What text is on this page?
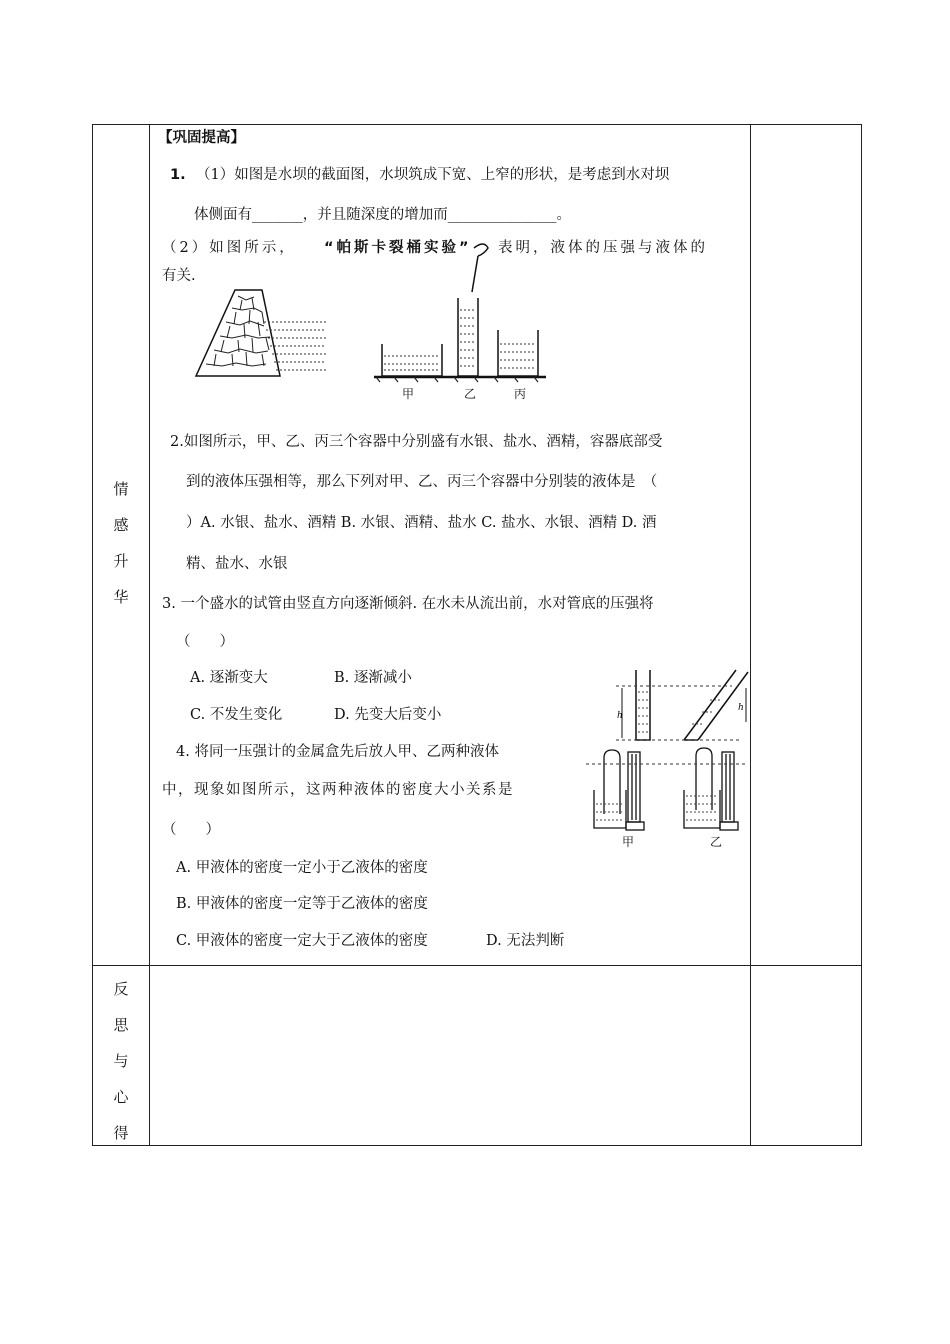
情
感
升
华
反
思
与
心
得
【巩固提高】
1. （1）如图是水坝的截面图，水坝筑成下宽、上窄的形状，是考虑到水对坝
体侧面有_______，并且随深度的增加而_______________。
（2）如图所示， “帕斯卡裂桶实验” 表明，液体的压强与液体的
有关.
甲	乙	丙
2.如图所示，甲、乙、丙三个容器中分别盛有水银、盐水、酒精，容器底部受
到的液体压强相等，那么下列对甲、乙、丙三个容器中分别装的液体是　（
）A. 水银、盐水、酒精 B. 水银、酒精、盐水 C. 盐水、水银、酒精 D. 酒
精、盐水、水银
3. 一个盛水的试管由竖直方向逐渐倾斜. 在水未从流出前，水对管底的压强将
（　　）
A. 逐渐变大	B. 逐渐减小
C. 不发生变化	D. 先变大后变小	h
h
4. 将同一压强计的金属盒先后放人甲、乙两种液体
中，现象如图所示，这两种液体的密度大小关系是
（　　）
A. 甲液体的密度一定小于乙液体的密度
B. 甲液体的密度一定等于乙液体的密度
C. 甲液体的密度一定大于乙液体的密度	D. 无法判断
甲	乙
